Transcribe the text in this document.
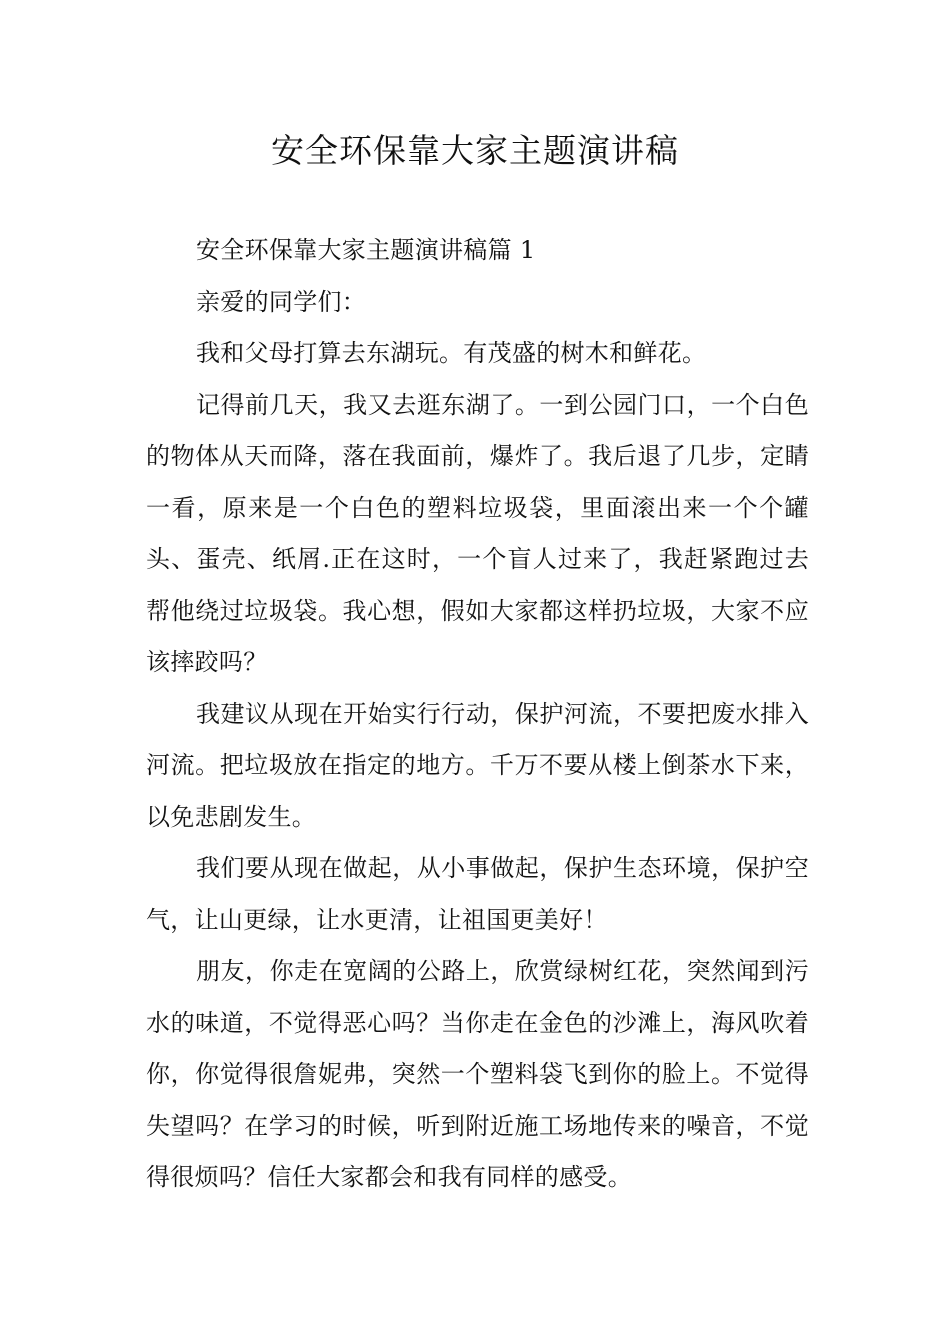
安全环保靠大家主题演讲稿

安全环保靠大家主题演讲稿篇 1

亲爱的同学们：

我和父母打算去东湖玩。有茂盛的树木和鲜花。

记得前几天，我又去逛东湖了。一到公园门口，一个白色的物体从天而降，落在我面前，爆炸了。我后退了几步，定睛一看，原来是一个白色的塑料垃圾袋，里面滚出来一个个罐头、蛋壳、纸屑.正在这时，一个盲人过来了，我赶紧跑过去帮他绕过垃圾袋。我心想，假如大家都这样扔垃圾，大家不应该摔跤吗？

我建议从现在开始实行行动，保护河流，不要把废水排入河流。把垃圾放在指定的地方。千万不要从楼上倒茶水下来，以免悲剧发生。

我们要从现在做起，从小事做起，保护生态环境，保护空气，让山更绿，让水更清，让祖国更美好！

朋友，你走在宽阔的公路上，欣赏绿树红花，突然闻到污水的味道，不觉得恶心吗？当你走在金色的沙滩上，海风吹着你，你觉得很詹妮弗，突然一个塑料袋飞到你的脸上。不觉得失望吗？在学习的时候，听到附近施工场地传来的噪音，不觉得很烦吗？信任大家都会和我有同样的感受。
